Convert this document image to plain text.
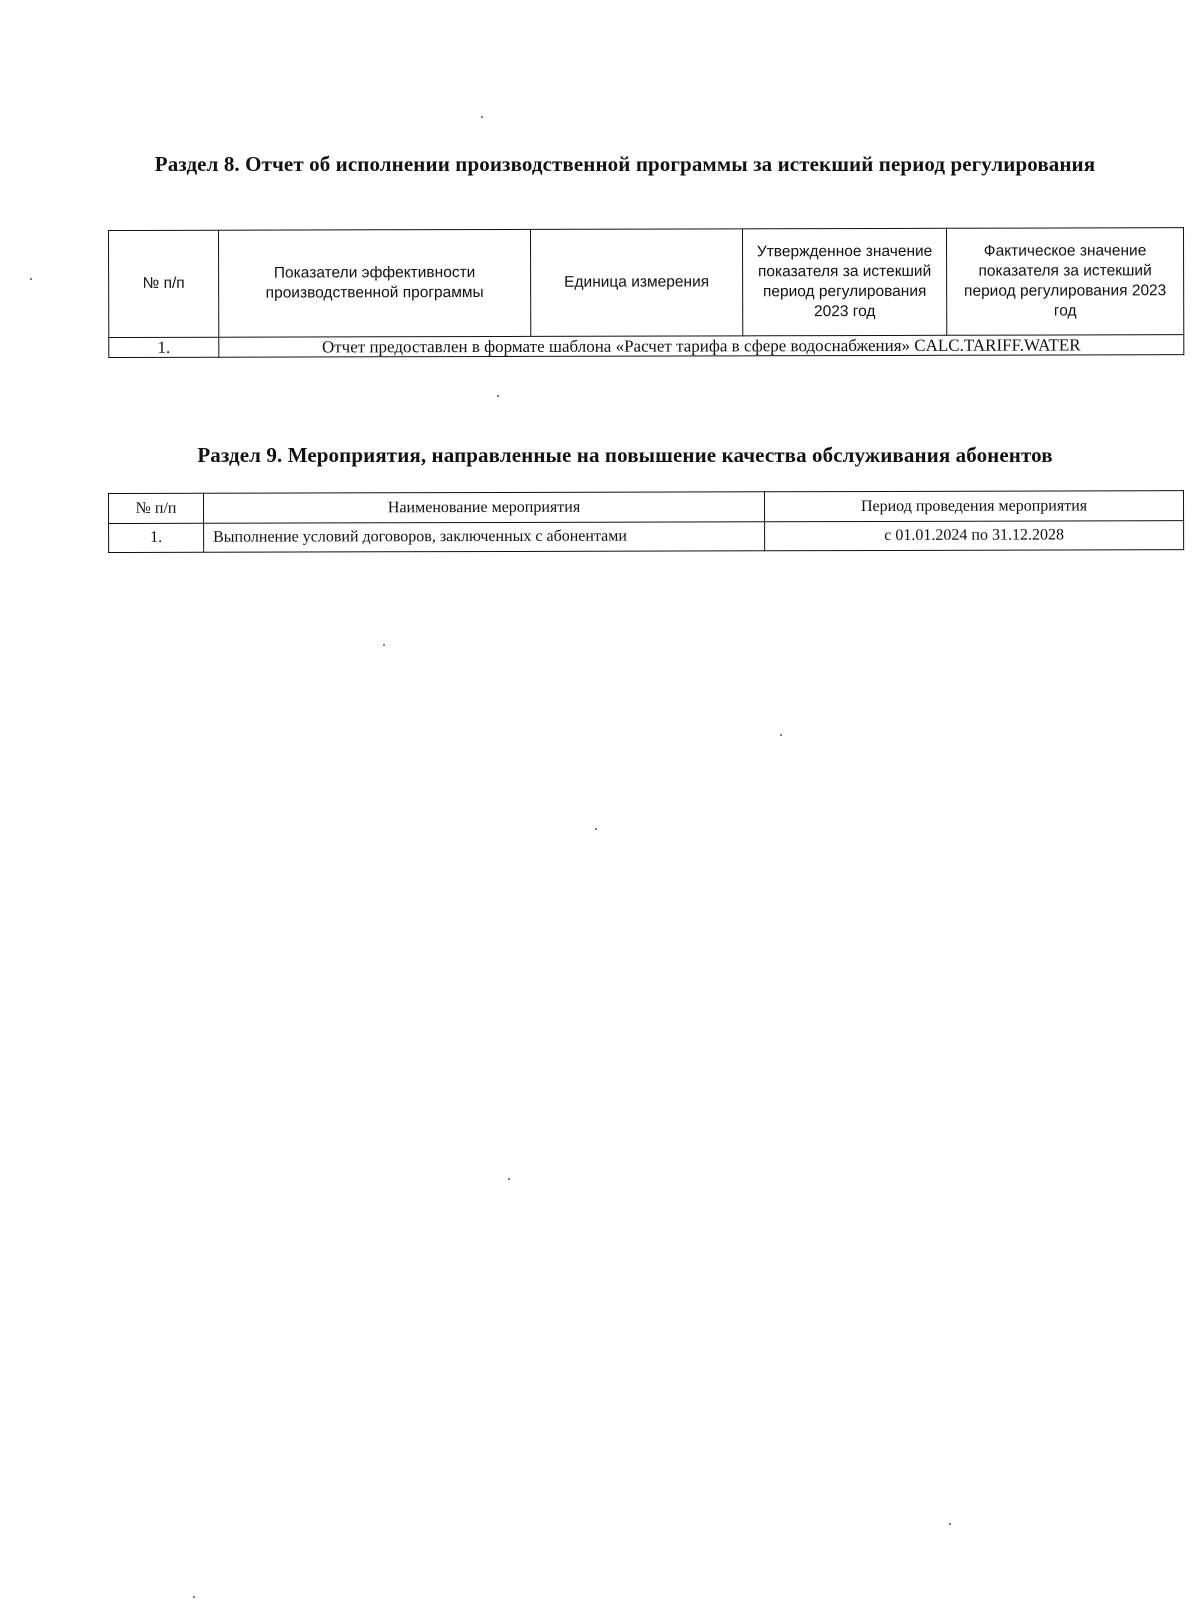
Раздел 8. Отчет об исполнении производственной программы за истекший период регулирования
№ п/п	Показатели эффективности производственной программы	Единица измерения	Утвержденное значение показателя за истекший период регулирования 2023 год	Фактическое значение показателя за истекший период регулирования 2023 год
1.	Отчет предоставлен в формате шаблона «Расчет тарифа в сфере водоснабжения» CALC.TARIFF.WATER			
Раздел 9. Мероприятия, направленные на повышение качества обслуживания абонентов
№ п/п	Наименование мероприятия	Период проведения мероприятия
1.	Выполнение условий договоров, заключенных с абонентами	с 01.01.2024 по 31.12.2028
